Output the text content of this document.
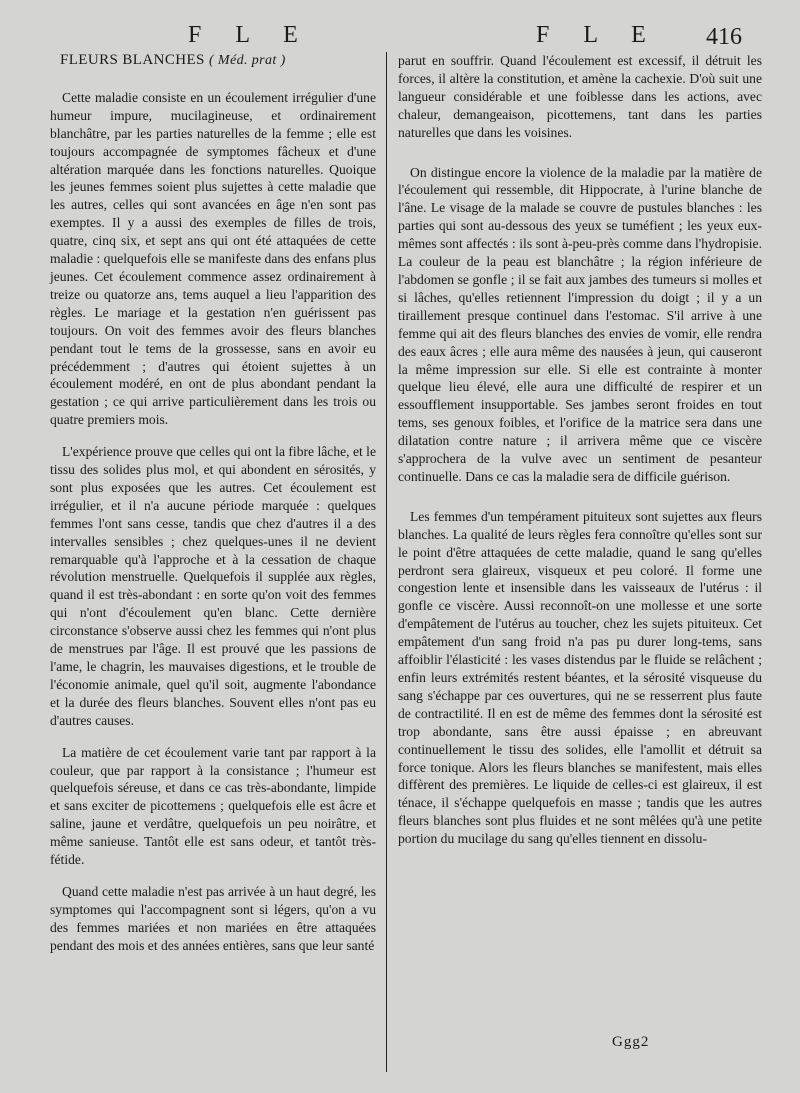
F L E	F L E 416
FLEURS BLANCHES ( Méd. prat )

Cette maladie consiste en un écoulement irrégulier d'une humeur impure, mucilagineuse, et ordinairement blanchâtre, par les parties naturelles de la femme ; elle est toujours accompagnée de symptomes fâcheux et d'une altération marquée dans les fonctions naturelles. Quoique les jeunes femmes soient plus sujettes à cette maladie que les autres, celles qui sont avancées en âge n'en sont pas exemptes. Il y a aussi des exemples de filles de trois, quatre, cinq six, et sept ans qui ont été attaquées de cette maladie : quelquefois elle se manifeste dans des enfans plus jeunes. Cet écoulement commence assez ordinairement à treize ou quatorze ans, tems auquel a lieu l'apparition des règles. Le mariage et la gestation n'en guérissent pas toujours. On voit des femmes avoir des fleurs blanches pendant tout le tems de la grossesse, sans en avoir eu précédemment ; d'autres qui étoient sujettes à un écoulement modéré, en ont de plus abondant pendant la gestation ; ce qui arrive particulièrement dans les trois ou quatre premiers mois.

L'expérience prouve que celles qui ont la fibre lâche, et le tissu des solides plus mol, et qui abondent en sérosités, y sont plus exposées que les autres. Cet écoulement est irrégulier, et il n'a aucune période marquée : quelques femmes l'ont sans cesse, tandis que chez d'autres il a des intervalles sensibles ; chez quelques-unes il ne devient remarquable qu'à l'approche et à la cessation de chaque révolution menstruelle. Quelquefois il supplée aux règles, quand il est très-abondant : en sorte qu'on voit des femmes qui n'ont d'écoulement qu'en blanc. Cette dernière circonstance s'observe aussi chez les femmes qui n'ont plus de menstrues par l'âge. Il est prouvé que les passions de l'ame, le chagrin, les mauvaises digestions, et le trouble de l'économie animale, quel qu'il soit, augmente l'abondance et la durée des fleurs blanches. Souvent elles n'ont pas eu d'autres causes.

La matière de cet écoulement varie tant par rapport à la couleur, que par rapport à la consistance ; l'humeur est quelquefois séreuse, et dans ce cas très-abondante, limpide et sans exciter de picottemens ; quelquefois elle est âcre et saline, jaune et verdâtre, quelquefois un peu noirâtre, et même sanieuse. Tantôt elle est sans odeur, et tantôt très-fétide.

Quand cette maladie n'est pas arrivée à un haut degré, les symptomes qui l'accompagnent sont si légers, qu'on a vu des femmes mariées et non mariées en être attaquées pendant des mois et des années entières, sans que leur santé

parut en souffrir. Quand l'écoulement est excessif, il détruit les forces, il altère la constitution, et amène la cachexie. D'où suit une langueur considérable et une foiblesse dans les actions, avec chaleur, demangeaison, picottemens, tant dans les parties naturelles que dans les voisines.

On distingue encore la violence de la maladie par la matière de l'écoulement qui ressemble, dit Hippocrate, à l'urine blanche de l'âne. Le visage de la malade se couvre de pustules blanches : les parties qui sont au-dessous des yeux se tuméfient ; les yeux eux-mêmes sont affectés : ils sont à-peu-près comme dans l'hydropisie. La couleur de la peau est blanchâtre ; la région inférieure de l'abdomen se gonfle ; il se fait aux jambes des tumeurs si molles et si lâches, qu'elles retiennent l'impression du doigt ; il y a un tiraillement presque continuel dans l'estomac. S'il arrive à une femme qui ait des fleurs blanches des envies de vomir, elle rendra des eaux âcres ; elle aura même des nausées à jeun, qui causeront la même impression sur elle. Si elle est contrainte à monter quelque lieu élevé, elle aura une difficulté de respirer et un essoufflement insupportable. Ses jambes seront froides en tout tems, ses genoux foibles, et l'orifice de la matrice sera dans une dilatation contre nature ; il arrivera même que ce viscère s'approchera de la vulve avec un sentiment de pesanteur continuelle. Dans ce cas la maladie sera de difficile guérison.

Les femmes d'un tempérament pituiteux sont sujettes aux fleurs blanches. La qualité de leurs règles fera connoître qu'elles sont sur le point d'être attaquées de cette maladie, quand le sang qu'elles perdront sera glaireux, visqueux et peu coloré. Il forme une congestion lente et insensible dans les vaisseaux de l'utérus : il gonfle ce viscère. Aussi reconnoît-on une mollesse et une sorte d'empâtement de l'utérus au toucher, chez les sujets pituiteux. Cet empâtement d'un sang froid n'a pas pu durer long-tems, sans affoiblir l'élasticité : les vases distendus par le fluide se relâchent ; enfin leurs extrémités restent béantes, et la sérosité visqueuse du sang s'échappe par ces ouvertures, qui ne se resserrent plus faute de contractilité. Il en est de même des femmes dont la sérosité est trop abondante, sans être aussi épaisse ; en abreuvant continuellement le tissu des solides, elle l'amollit et détruit sa force tonique. Alors les fleurs blanches se manifestent, mais elles diffèrent des premières. Le liquide de celles-ci est glaireux, il est ténace, il s'échappe quelquefois en masse ; tandis que les autres fleurs blanches sont plus fluides et ne sont mêlées qu'à une petite portion du mucilage du sang qu'elles tiennent en dissolu-

Ggg2
